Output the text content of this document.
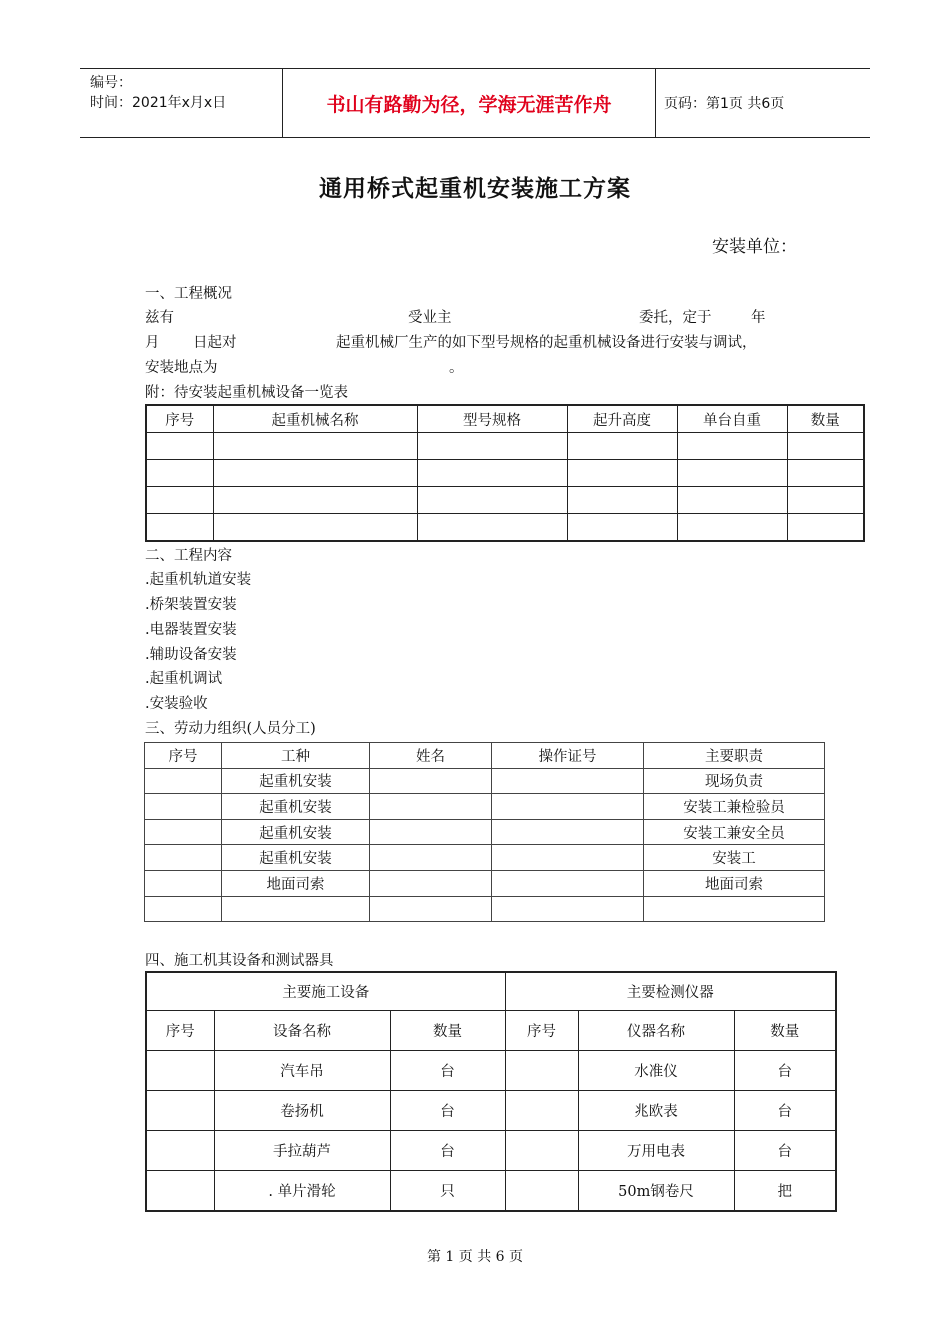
编号：
时间：2021年x月x日	书山有路勤为径，学海无涯苦作舟	页码：第1页 共6页
通用桥式起重机安装施工方案
安装单位：
一、工程概况
兹有	受业主	委托，定于	年
月 日起对	起重机械厂生产的如下型号规格的起重机械设备进行安装与调试，
安装地点为	。
附：待安装起重机械设备一览表
序号	起重机械名称	型号规格	起升高度	单台自重	数量

二、工程内容
.起重机轨道安装
.桥架装置安装
.电器装置安装
.辅助设备安装
.起重机调试
.安装验收
三、劳动力组织(人员分工)
序号	工种	姓名	操作证号	主要职责
	起重机安装			现场负责
	起重机安装			安装工兼检验员
	起重机安装			安装工兼安全员
	起重机安装			安装工
	地面司索			地面司索

四、施工机其设备和测试器具
主要施工设备			主要检测仪器		
序号	设备名称	数量	序号	仪器名称	数量
	汽车吊	台		水准仪	台
	卷扬机	台		兆欧表	台
	手拉葫芦	台		万用电表	台
	. 单片滑轮	只		50m钢卷尺	把
第 1 页 共 6 页
